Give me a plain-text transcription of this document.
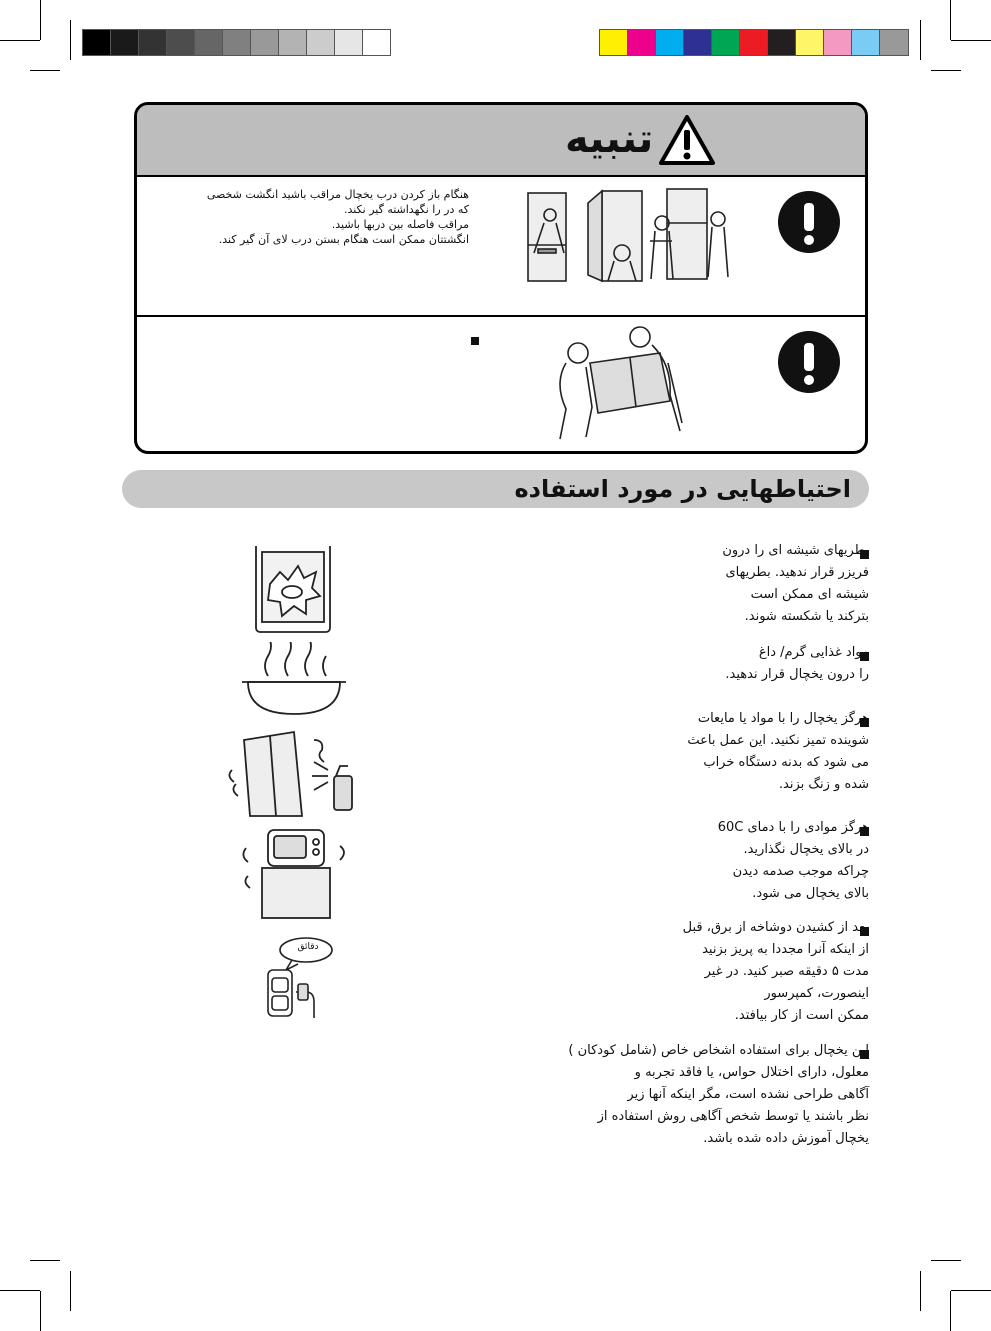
تنبیه
هنگام باز کردن درب یخچال مراقب باشید انگشت شخصی
که در را نگهداشته گیر نکند.
مراقب فاصله بین دربها باشید.
انگشتتان ممکن است هنگام بستن درب لای آن گیر کند.
احتیاطهایی در مورد استفاده
بطریهای شیشه ای را درون
فریزر قرار ندهید. بطریهای
شیشه ای ممکن است
بترکند یا شکسته شوند.
مواد غذایی گرم/ داغ
را درون یخچال قرار ندهید.
هرگز یخچال را با مواد یا مایعات
شوینده تمیز نکنید. این عمل باعث
می شود که بدنه دستگاه خراب
شده و زنگ بزند.
هرگز موادی را با دمای 60C
در بالای یخچال نگذارید.
چراکه موجب صدمه دیدن
بالای یخچال می شود.
بعد از کشیدن دوشاخه از برق، قبل
از اینکه آنرا مجددا به پریز بزنید
مدت ۵ دقیقه صبر کنید. در غیر
اینصورت، کمپرسور
ممکن است از کار بیافتد.
این یخچال برای استفاده اشخاص خاص (شامل کودکان )
معلول، دارای اختلال حواس، یا فاقد تجربه و
آگاهی طراحی نشده است، مگر اینکه آنها زیر
نظر باشند یا توسط شخص آگاهی روش استفاده از
یخچال آموزش داده شده باشد.
دقائق
